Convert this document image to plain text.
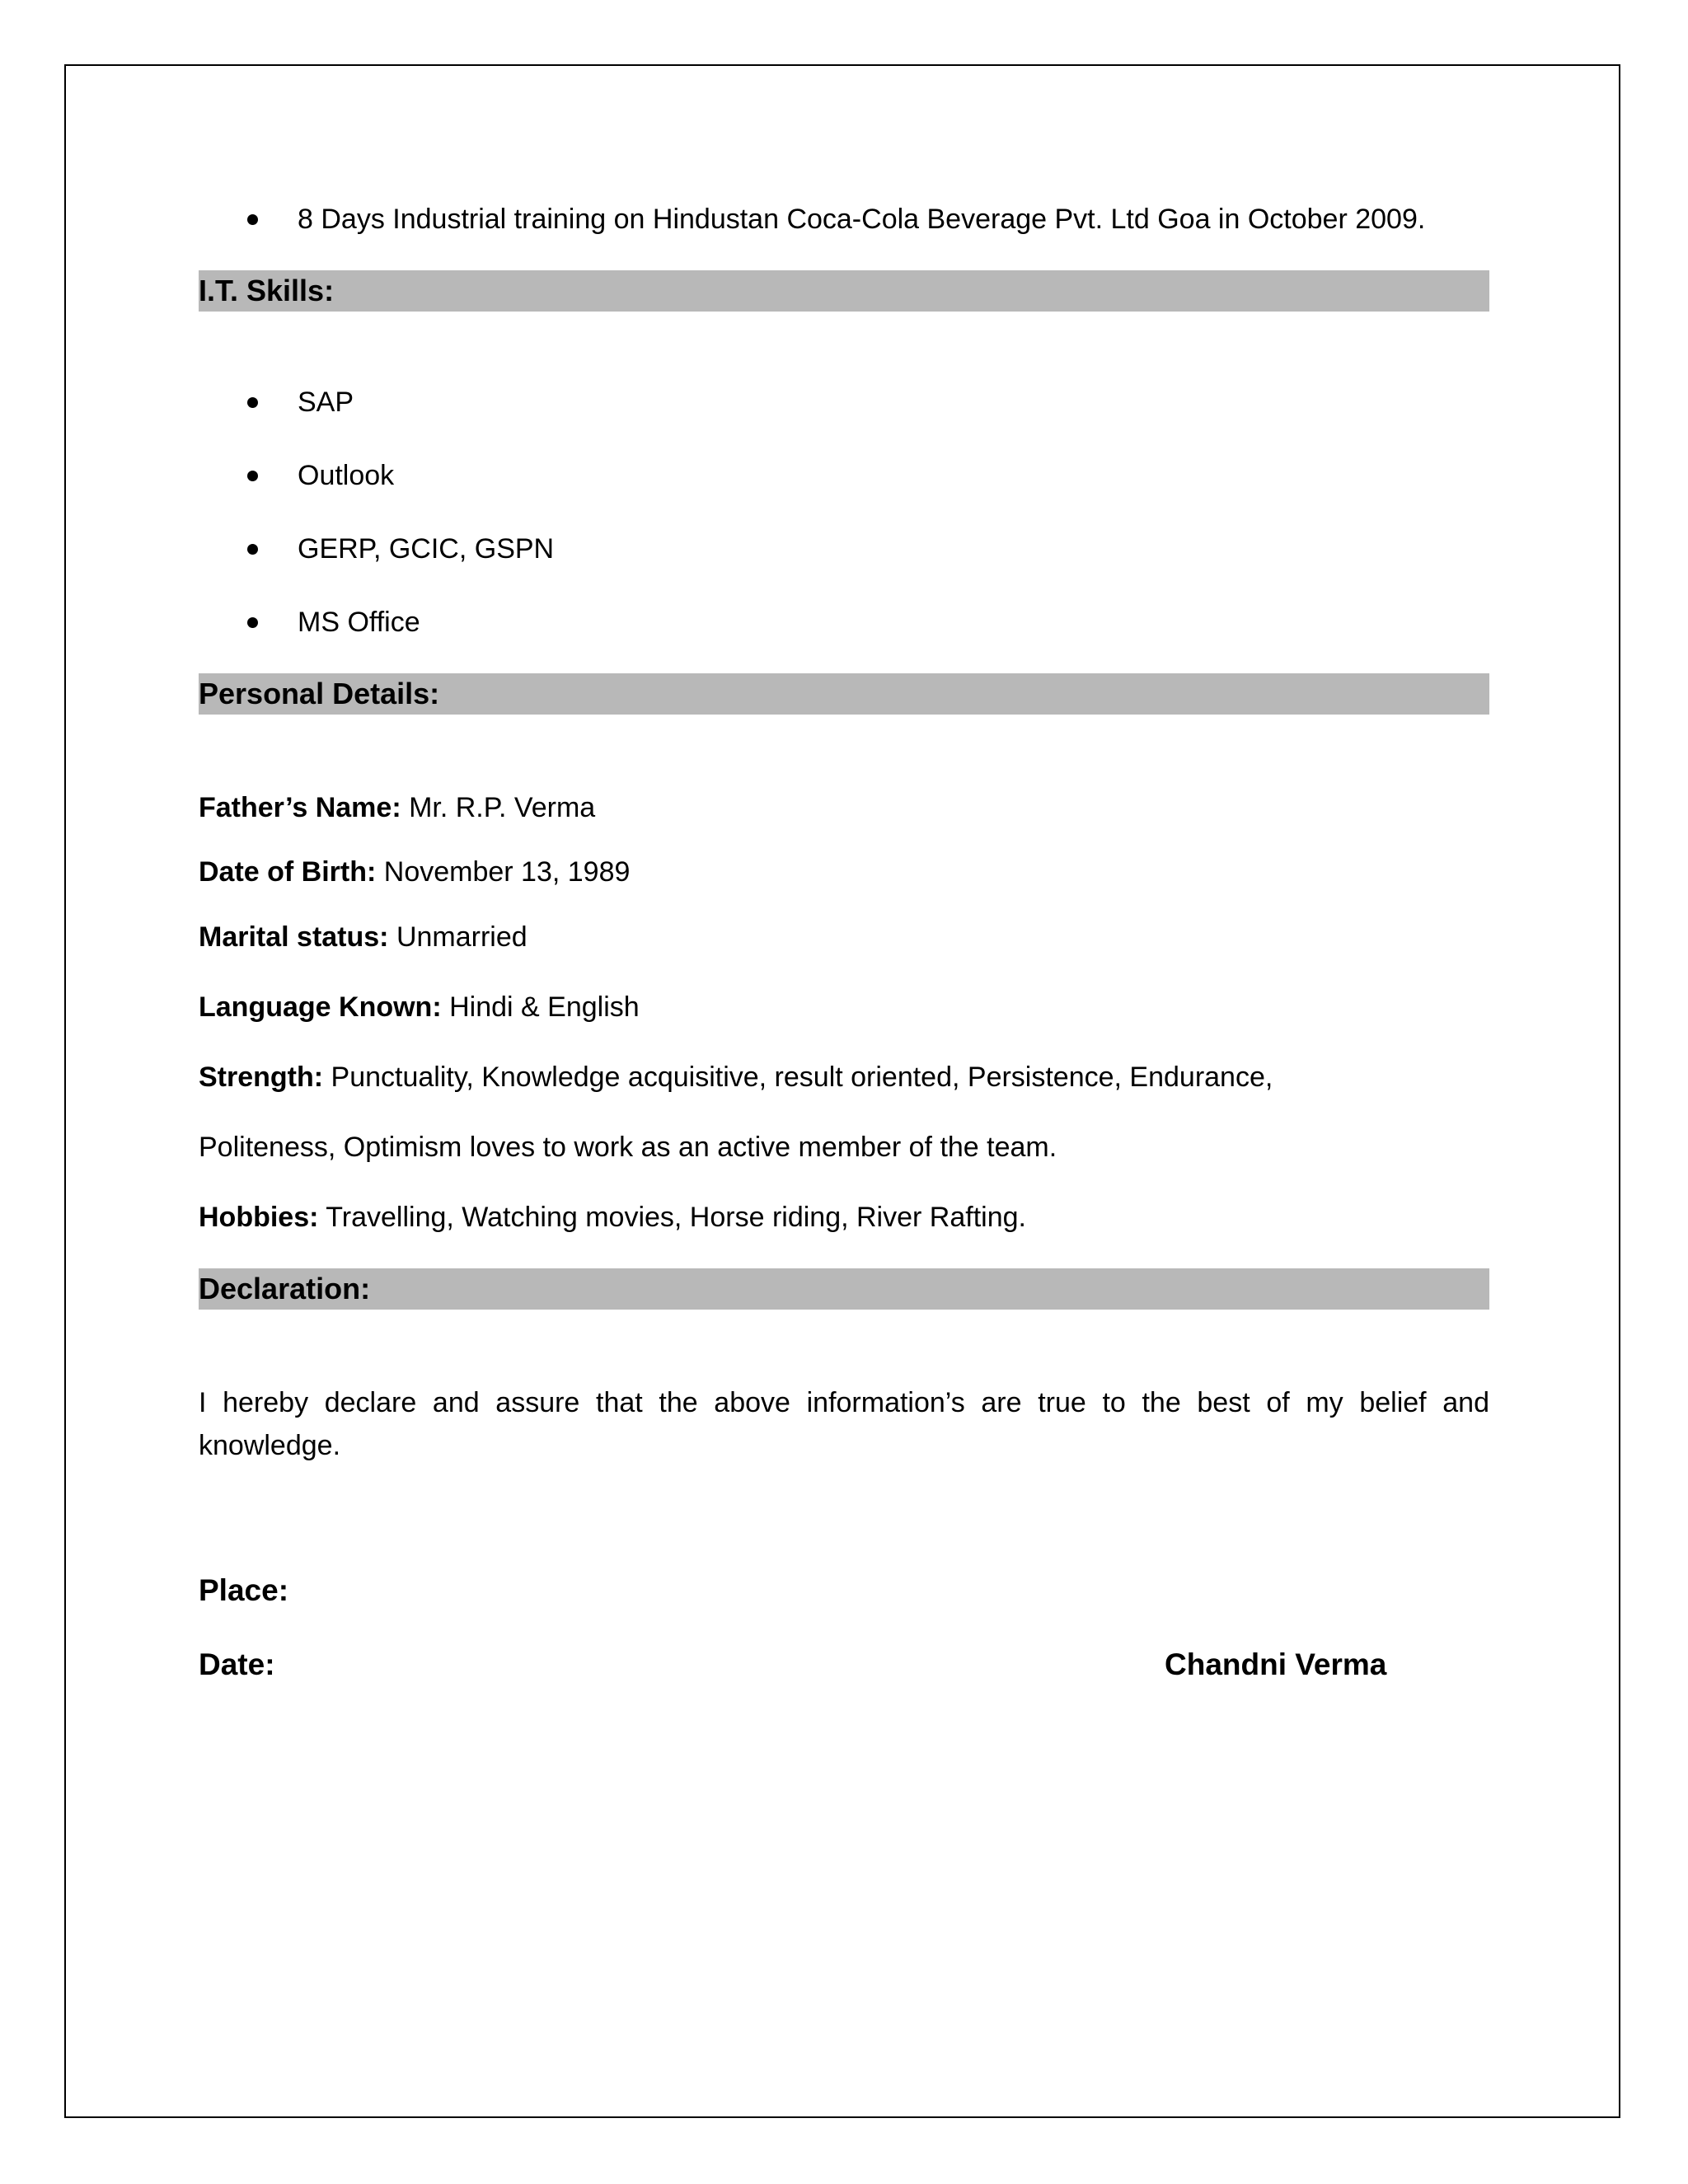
8 Days Industrial training on Hindustan Coca-Cola Beverage Pvt. Ltd Goa in October 2009.
I.T. Skills:
SAP
Outlook
GERP, GCIC, GSPN
MS Office
Personal Details:
Father’s Name: Mr. R.P. Verma
Date of Birth: November 13, 1989
Marital status: Unmarried
Language Known: Hindi & English
Strength: Punctuality, Knowledge acquisitive, result oriented, Persistence, Endurance,
Politeness, Optimism loves to work as an active member of the team.
Hobbies: Travelling, Watching movies, Horse riding, River Rafting.
Declaration:
I hereby declare and assure that the above information’s are true to the best of my belief and knowledge.
Place:
Date:	Chandni Verma
